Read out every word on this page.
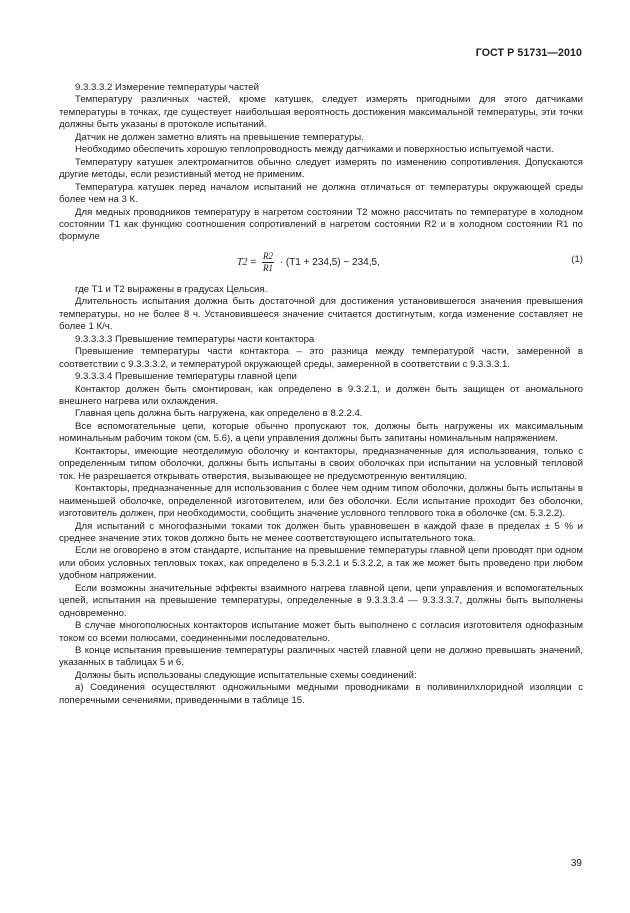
ГОСТ Р 51731—2010

9.3.3.3.2 Измерение температуры частей

Температуру различных частей, кроме катушек, следует измерять пригодными для этого датчиками температуры в точках, где существует наибольшая вероятность достижения максимальной температуры, эти точки должны быть указаны в протоколе испытаний.

Датчик не должен заметно влиять на превышение температуры.

Необходимо обеспечить хорошую теплопроводность между датчиками и поверхностью испытуемой части.

Температуру катушек электромагнитов обычно следует измерять по изменению сопротивления. Допускаются другие методы, если резистивный метод не применим.

Температура катушек перед началом испытаний не должна отличаться от температуры окружающей среды более чем на 3 К.

Для медных проводников температуру в нагретом состоянии T2 можно рассчитать по температуре в холодном состоянии T1 как функцию соотношения сопротивлений в нагретом состоянии R2 и в холодном состоянии R1 по формуле

$T2 = \frac{R2}{R1} \cdot (T1 + 234,5) - 234,5$,	(1)

где T1 и T2 выражены в градусах Цельсия.

Длительность испытания должна быть достаточной для достижения установившегося значения превышения температуры, но не более 8 ч. Установившееся значение считается достигнутым, когда изменение составляет не более 1 К/ч.

9.3.3.3.3 Превышение температуры части контактора

Превышение температуры части контактора – это разница между температурой части, замеренной в соответствии с 9.3.3.3.2, и температурой окружающей среды, замеренной в соответствии с 9.3.3.3.1.

9.3.3.3.4 Превышение температуры главной цепи

Контактор должен быть смонтирован, как определено в 9.3.2.1, и должен быть защищен от аномального внешнего нагрева или охлаждения.

Главная цепь должна быть нагружена, как определено в 8.2.2.4.

Все вспомогательные цепи, которые обычно пропускают ток, должны быть нагружены их максимальным номинальным рабочим током (см. 5.6), а цепи управления должны быть запитаны номинальным напряжением.

Контакторы, имеющие неотделимую оболочку и контакторы, предназначенные для использования, только с определенным типом оболочки, должны быть испытаны в своих оболочках при испытании на условный тепловой ток. Не разрешается открывать отверстия, вызывающее не предусмотренную вентиляцию.

Контакторы, предназначенные для использования с более чем одним типом оболочки, должны быть испытаны в наименьшей оболочке, определенной изготовителем, или без оболочки. Если испытание проходит без оболочки, изготовитель должен, при необходимости, сообщить значение условного теплового тока в оболочке (см. 5.3.2.2).

Для испытаний с многофазными токами ток должен быть уравновешен в каждой фазе в пределах ± 5 % и среднее значение этих токов должно быть не менее соответствующего испытательного тока.

Если не оговорено в этом стандарте, испытание на превышение температуры главной цепи проводят при одном или обоих условных тепловых токах, как определено в 5.3.2.1 и 5.3.2.2, а так же может быть проведено при любом удобном напряжении.

Если возможны значительные эффекты взаимного нагрева главной цепи, цепи управления и вспомогательных цепей, испытания на превышение температуры, определенные в 9.3.3.3.4 — 9.3.3.3.7, должны быть выполнены одновременно.

В случае многополюсных контакторов испытание может быть выполнено с согласия изготовителя однофазным током со всеми полюсами, соединенными последовательно.

В конце испытания превышение температуры различных частей главной цепи не должно превышать значений, указанных в таблицах 5 и 6.

Должны быть использованы следующие испытательные схемы соединений:

а) Соединения осуществляют одножильными медными проводниками в поливинилхлоридной изоляции с поперечными сечениями, приведенными в таблице 15.

39
